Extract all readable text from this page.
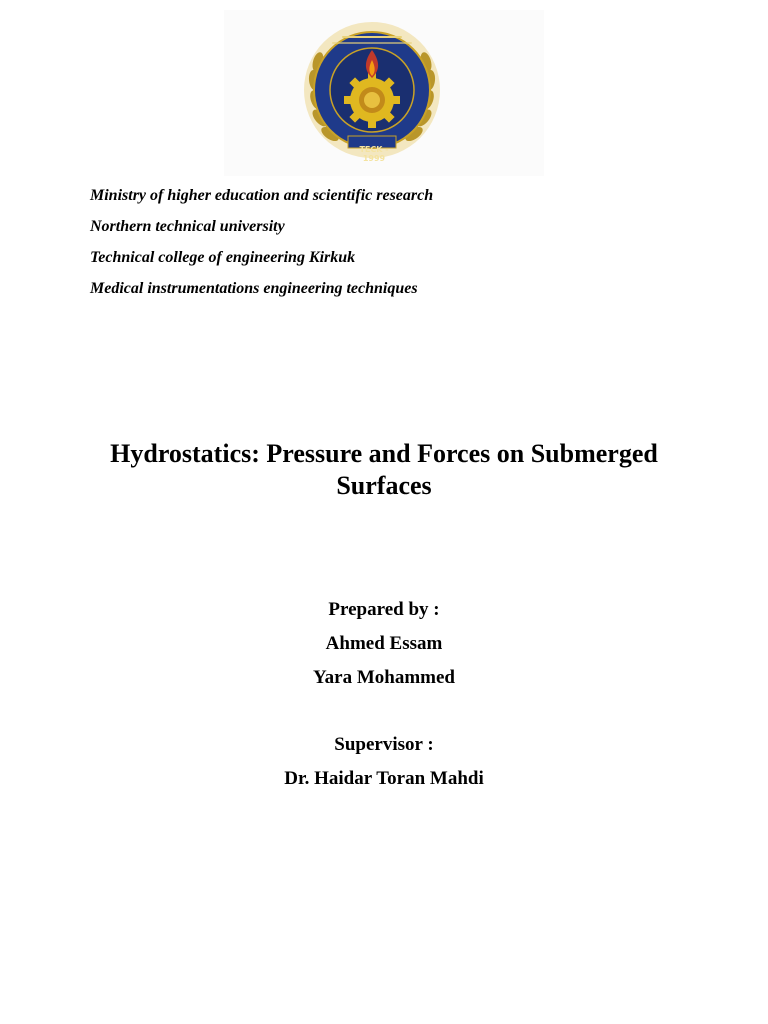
TECK - 1999
Ministry of higher education and scientific research
Northern technical university
Technical college of engineering Kirkuk
Medical instrumentations engineering techniques
Hydrostatics: Pressure and Forces on Submerged Surfaces
Prepared by :
Ahmed Essam
Yara Mohammed
Supervisor :
Dr. Haidar Toran Mahdi
